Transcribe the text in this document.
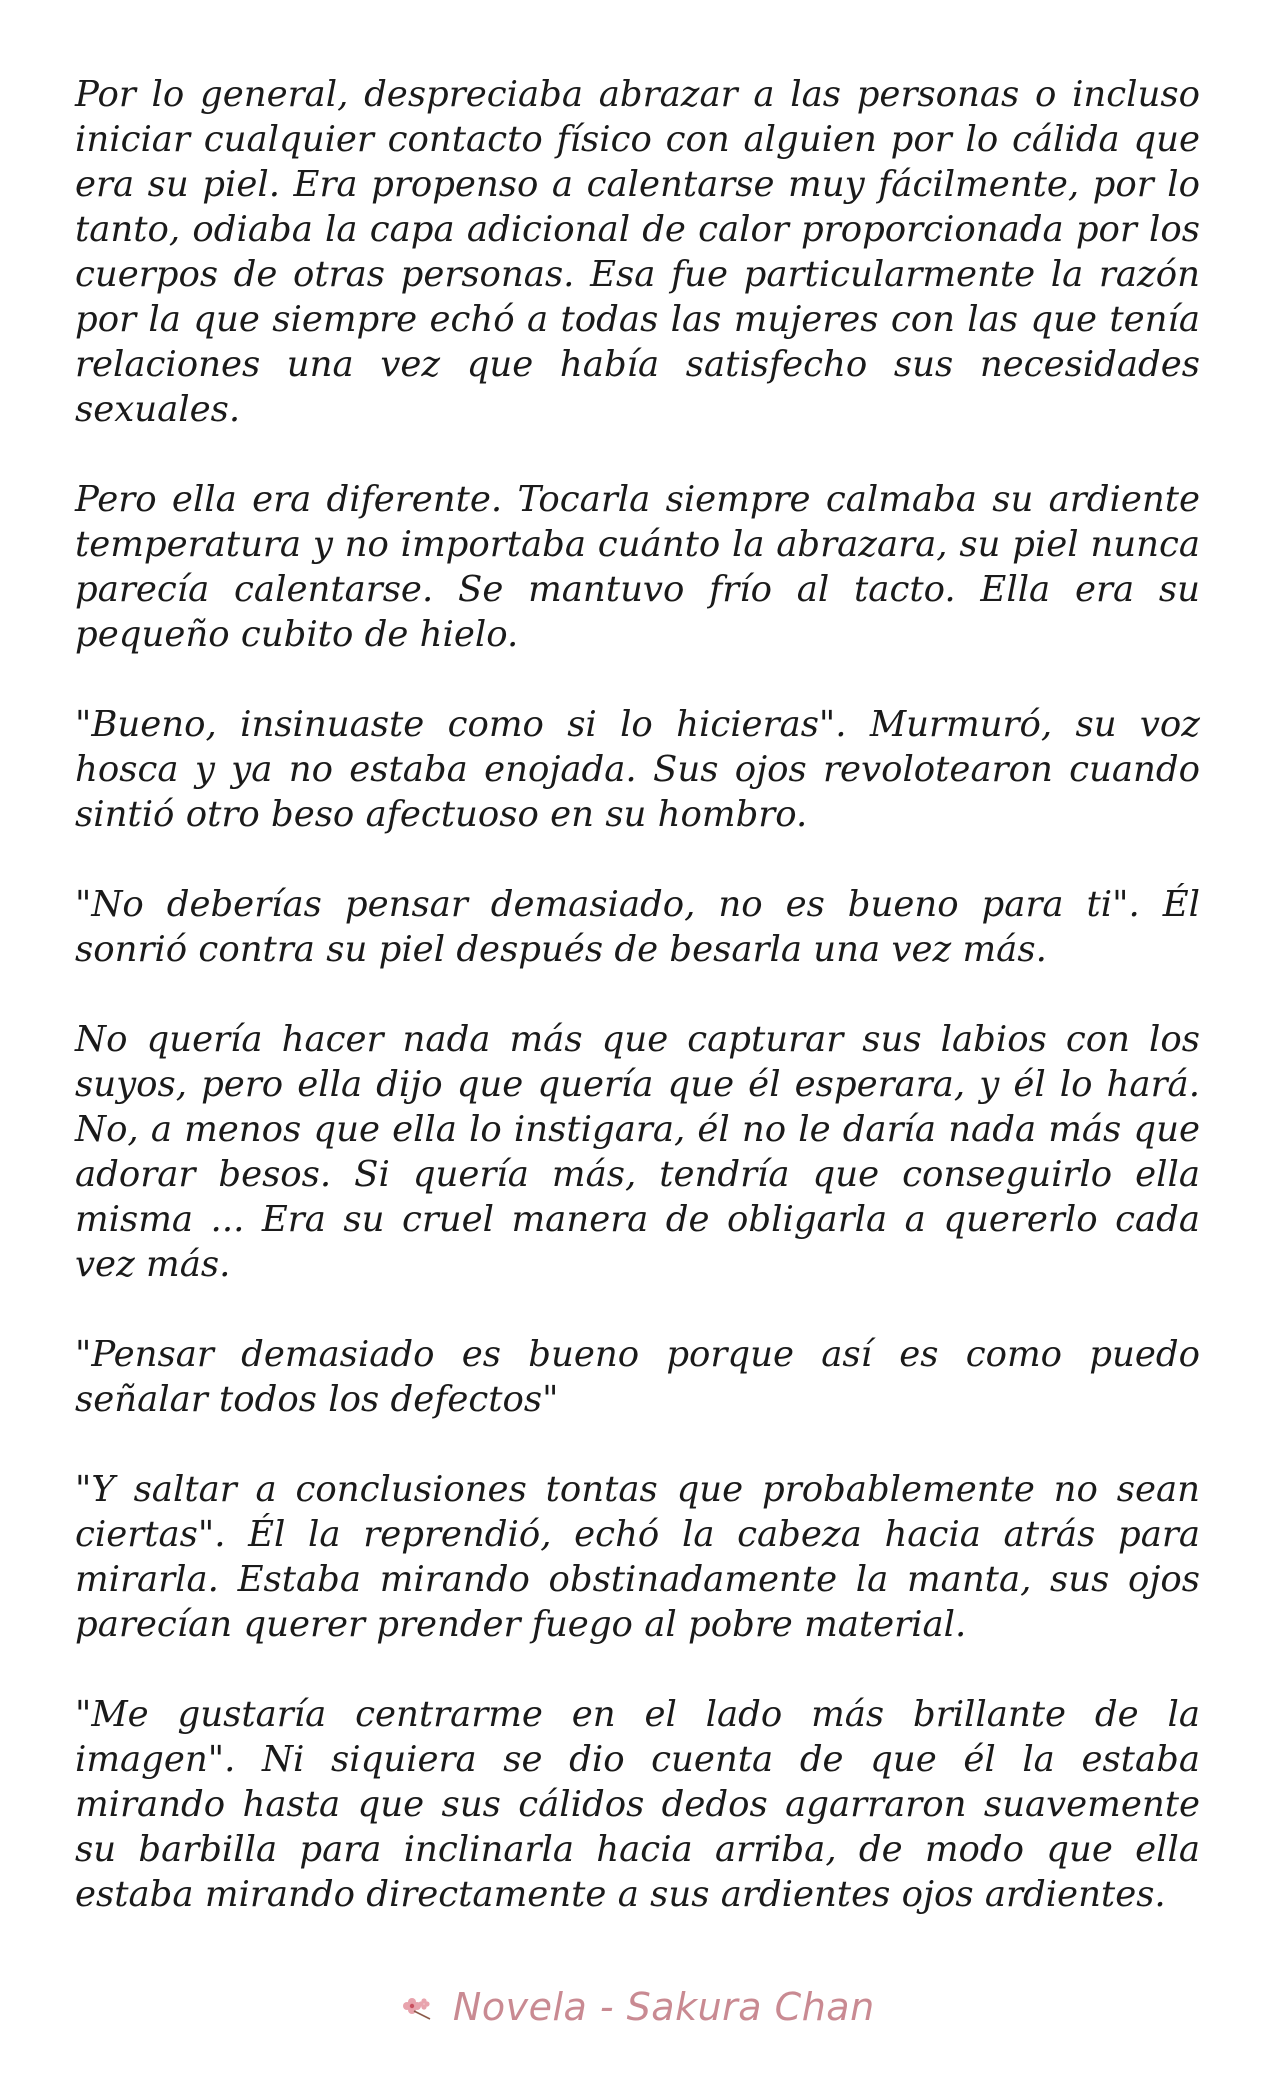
Por lo general, despreciaba abrazar a las personas o incluso iniciar cualquier contacto físico con alguien por lo cálida que era su piel. Era propenso a calentarse muy fácilmente, por lo tanto, odiaba la capa adicional de calor proporcionada por los cuerpos de otras personas. Esa fue particularmente la razón por la que siempre echó a todas las mujeres con las que tenía relaciones una vez que había satisfecho sus necesidades sexuales.

Pero ella era diferente. Tocarla siempre calmaba su ardiente temperatura y no importaba cuánto la abrazara, su piel nunca parecía calentarse. Se mantuvo frío al tacto. Ella era su pequeño cubito de hielo.

"Bueno, insinuaste como si lo hicieras". Murmuró, su voz hosca y ya no estaba enojada. Sus ojos revolotearon cuando sintió otro beso afectuoso en su hombro.

"No deberías pensar demasiado, no es bueno para ti". Él sonrió contra su piel después de besarla una vez más.

No quería hacer nada más que capturar sus labios con los suyos, pero ella dijo que quería que él esperara, y él lo hará. No, a menos que ella lo instigara, él no le daría nada más que adorar besos. Si quería más, tendría que conseguirlo ella misma ... Era su cruel manera de obligarla a quererlo cada vez más.

"Pensar demasiado es bueno porque así es como puedo señalar todos los defectos"

"Y saltar a conclusiones tontas que probablemente no sean ciertas". Él la reprendió, echó la cabeza hacia atrás para mirarla. Estaba mirando obstinadamente la manta, sus ojos parecían querer prender fuego al pobre material.

"Me gustaría centrarme en el lado más brillante de la imagen". Ni siquiera se dio cuenta de que él la estaba mirando hasta que sus cálidos dedos agarraron suavemente su barbilla para inclinarla hacia arriba, de modo que ella estaba mirando directamente a sus ardientes ojos ardientes.

Novela - Sakura Chan
